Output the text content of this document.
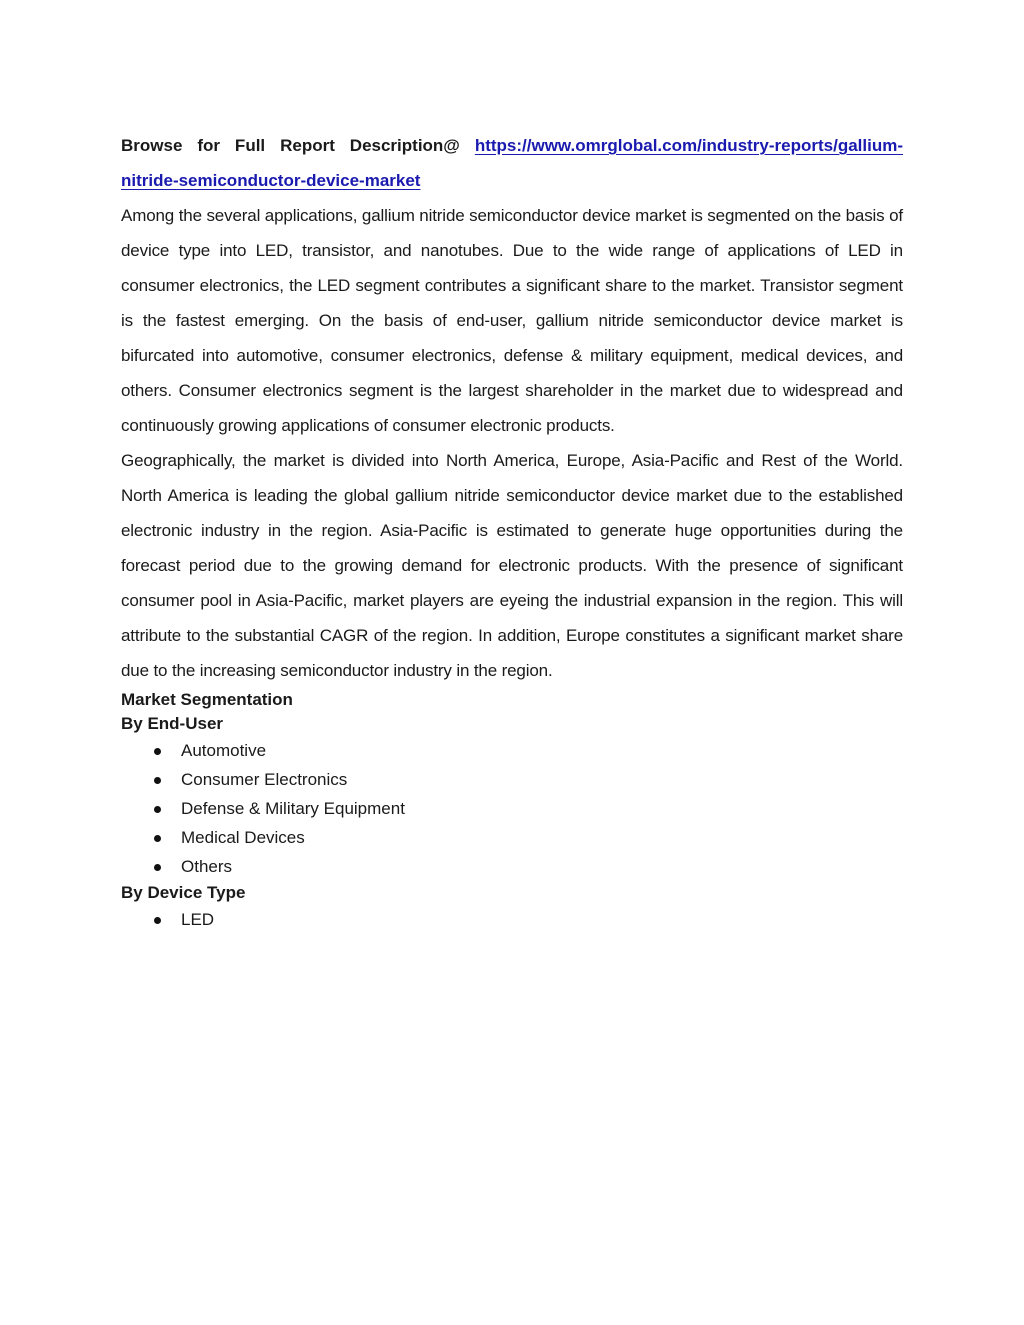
Browse for Full Report Description@ https://www.omrglobal.com/industry-reports/gallium-nitride-semiconductor-device-market

Among the several applications, gallium nitride semiconductor device market is segmented on the basis of device type into LED, transistor, and nanotubes. Due to the wide range of applications of LED in consumer electronics, the LED segment contributes a significant share to the market. Transistor segment is the fastest emerging. On the basis of end-user, gallium nitride semiconductor device market is bifurcated into automotive, consumer electronics, defense & military equipment, medical devices, and others. Consumer electronics segment is the largest shareholder in the market due to widespread and continuously growing applications of consumer electronic products.

Geographically, the market is divided into North America, Europe, Asia-Pacific and Rest of the World. North America is leading the global gallium nitride semiconductor device market due to the established electronic industry in the region. Asia-Pacific is estimated to generate huge opportunities during the forecast period due to the growing demand for electronic products. With the presence of significant consumer pool in Asia-Pacific, market players are eyeing the industrial expansion in the region. This will attribute to the substantial CAGR of the region. In addition, Europe constitutes a significant market share due to the increasing semiconductor industry in the region.

Market Segmentation
By End-User
Automotive
Consumer Electronics
Defense & Military Equipment
Medical Devices
Others
By Device Type
LED
